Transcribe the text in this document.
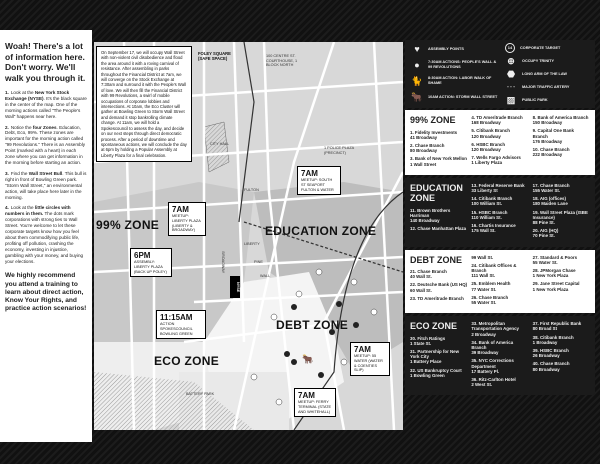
Woah! There's a lot of information here. Don't worry. We'll walk you through it.

1. Look at the New York Stock Exchange (NYSE). It's the black square in the center of the map. One of the morning actions called "The People's Wall" happens near here.

2. Notice the four Zones. Education, Debt, Eco, 99%. These zones are important for the morning action called "99 Revolutions." There is an Assembly Point (marked with a heart) in each zone where you can get information in the morning before starting an action.

3. Find the Wall Street Bull. This bull is right in front of Bowling Green park. "Storm Wall Street," an environmental action, will take place here later in the morning.

4. Look at the little circles with numbers in them. The dots mark corporations with strong ties to Wall Street. You're welcome to let these corporate targets know how you feel about them commodifying public life, profiting off pollution, crashing the economy, investing in injustice, gambling with your money, and buying your elections.

We highly recommend you attend a training to learn about direct action, Know Your Rights, and practice action scenarios!
🐂
NYSE
On September 17, we will occupy Wall Street with non-violent civil disobedience and flood the area around it with a roving carnival of resistance. After assembling in parks throughout the Financial District at 7am, we will converge on the Stock Exchange at 7:30am and surround it with the People's Wall of love. We will then fill the Financial District with 99 Revolutions, a swirl of mobile occupations of corporate lobbies and intersections. At 10am, the Eco Cluster will gather at Bowling Green to Storm Wall Street and demand it stop bankrolling climate change. At 11am, we will hold a Spokescouncil to assess the day, and decide on our next steps through direct democratic process. After a period of downtime and spontaneous actions, we will conclude the day at 6pm by holding a Popular Assembly at Liberty Plaza for a final celebration.
FOLEY SQUARE (SAFE SPACE)	100 CENTRE ST. COURTHOUSE, 1 BLOCK NORTH
1 POLICE PLAZA (PRECINCT)
CITY HALL
FULTON
LIBERTY
PINE
WALL
BROADWAY
BATTERY PARK
99% ZONE	EDUCATION ZONE
DEBT ZONE
ECO ZONE
7AM
MEETUP: SOUTH ST SEAPORT FULTON & WATER
7AM
MEETUP: LIBERTY PLAZA (LIBERTY & BROADWAY)
6PM
ASSEMBLY: LIBERTY PLAZA (BACK UP POLEY)
11:15AM
ACTION SPOKESCOUNCIL BOWLING GREEN
7AM
MEETUP: 55 WATER (WATER & COENTIES SLIP)
7AM
MEETUP: FERRY TERMINAL (STATE AND WHITEHALL)
♥	ASSEMBLY POINTS
●	7:30AM ACTIONS: PEOPLE'S WALL & 99 REVOLUTIONS
🐈 8:30AM ACTION: LABOR WALK OF SHAME
🐂 10AM ACTION: STORM WALL STREET
14	CORPORATE TARGET
⊕	OCCUPY TRINITY
⬣	LONG ARM OF THE LAW
- - -	MAJOR TRAFFIC ARTERY
▨	PUBLIC PARK
99% ZONE
1. Fidelity Investments
41 Broadway
2. Chase Branch
80 Broadway
3. Bank of New York Mellon
1 Wall Street
4. TD Ameritrade Branch
168 Broadway
5. Citibank Branch
120 Broadway
6. HSBC Branch
120 Broadway
7. Wells Fargo Advisors
1 Liberty Plaza
8. Bank of America Branch
150 Broadway
9. Capital One Bank Branch
176 Broadway
10. Chase Branch
222 Broadway
EDUCATION ZONE
11. Brown Brothers Harriman
140 Broadway
12. Chase Manhattan Plaza
13. Federal Reserve Bank
33 Liberty St
14. Citibank Branch
100 William St.
15. HSBC Branch
110 William St.
16. Chartis Insurance
175 Wall St.
17. Chase Branch
155 Water St.
18. AIG (offices)
180 Maiden Lane
19. Wall Street Plaza (ISBE Insurance)
88 Pine St.
20. AIG (HQ)
70 Pine St.
DEBT ZONE
21. Chase Branch
40 Wall St.
22. Deutsche Bank (US HQ) 60 Wall St.
23. TD Ameritrade Branch
99 Wall St.
24. Citibank Offices & Branch
111 Wall St.
25. Emblem Health
77 Water St.
26. Chase Branch
55 Water St.
27. Standard & Poors
55 Water St.
28. JPMorgan Chase
1 New York Plaza
29. Jane Street Capital
1 New York Plaza
ECO ZONE
30. Fitch Ratings
1 State St.
31. Partnership for New York City
1 Battery Place
32. US Bankruptcy Court
1 Bowling Green
33. Metropolitan Transportation Agency
2 Broadway
34. Bank of America Branch
39 Broadway
35. NYC Corrections Department
17 Battery Pl.
36. Ritz-Carlton Hotel
2 West St.
37. First Republic Bank
80 Broad St
38. Citibank Branch
1 Broadway
39. HSBC Branch
26 Broadway
40. Chase Branch
80 Broadway
